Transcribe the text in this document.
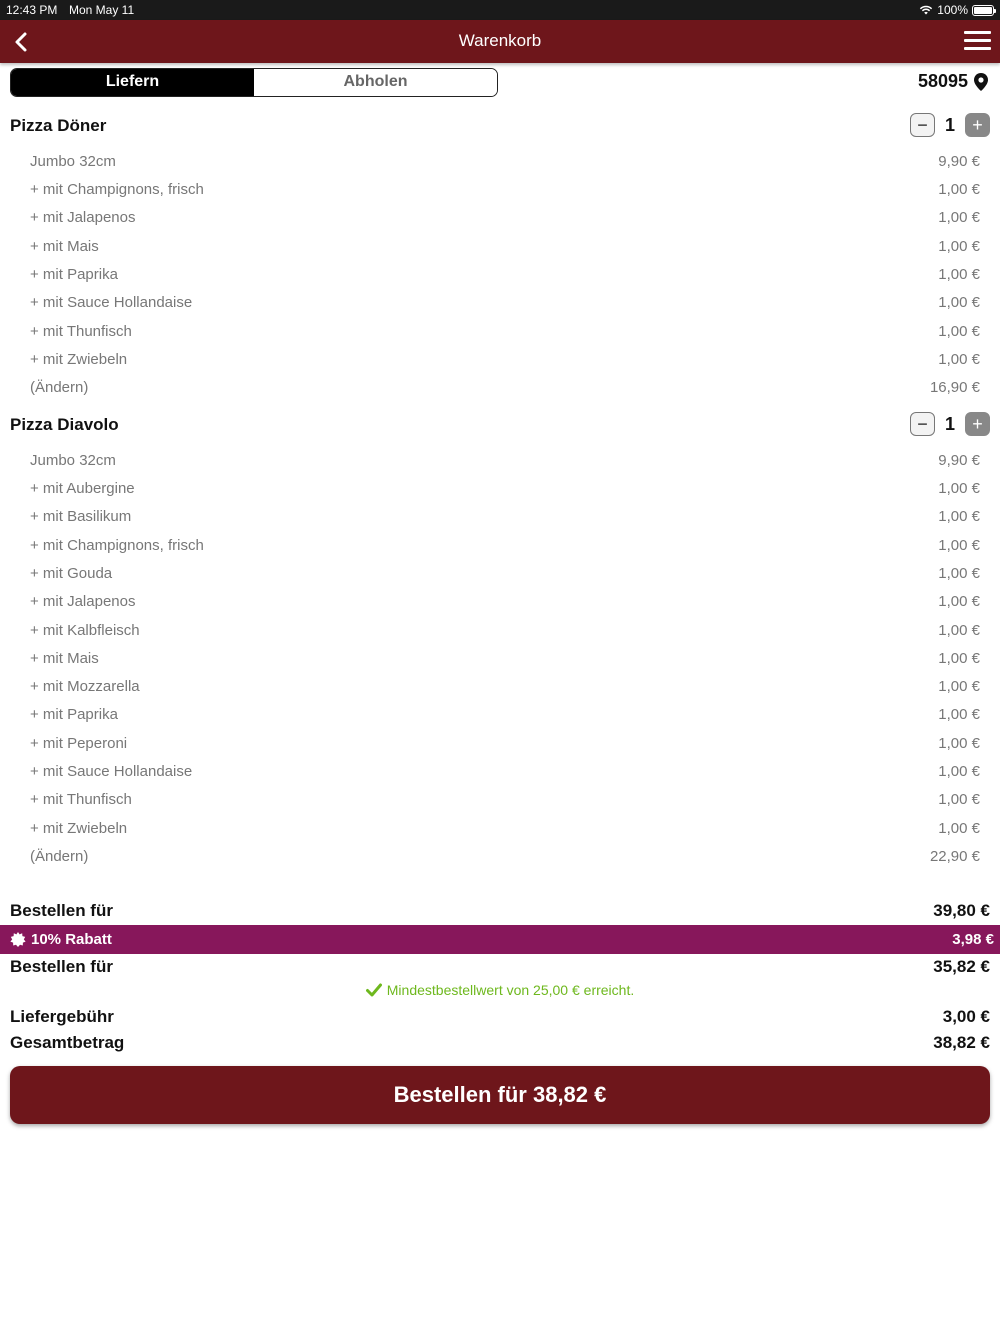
12:43 PM Mon May 11	100%
Warenkorb
Liefern	Abholen	58095
Pizza Döner	− 1 +
Jumbo 32cm	9,90 €
+ mit Champignons, frisch	1,00 €
+ mit Jalapenos	1,00 €
+ mit Mais	1,00 €
+ mit Paprika	1,00 €
+ mit Sauce Hollandaise	1,00 €
+ mit Thunfisch	1,00 €
+ mit Zwiebeln	1,00 €
(Ändern)	16,90 €
Pizza Diavolo	− 1 +
Jumbo 32cm	9,90 €
+ mit Aubergine	1,00 €
+ mit Basilikum	1,00 €
+ mit Champignons, frisch	1,00 €
+ mit Gouda	1,00 €
+ mit Jalapenos	1,00 €
+ mit Kalbfleisch	1,00 €
+ mit Mais	1,00 €
+ mit Mozzarella	1,00 €
+ mit Paprika	1,00 €
+ mit Peperoni	1,00 €
+ mit Sauce Hollandaise	1,00 €
+ mit Thunfisch	1,00 €
+ mit Zwiebeln	1,00 €
(Ändern)	22,90 €
Bestellen für	39,80 €
10% Rabatt	3,98 €
Bestellen für	35,82 €
Mindestbestellwert von 25,00 € erreicht.
Liefergebühr	3,00 €
Gesamtbetrag	38,82 €
Bestellen für 38,82 €
